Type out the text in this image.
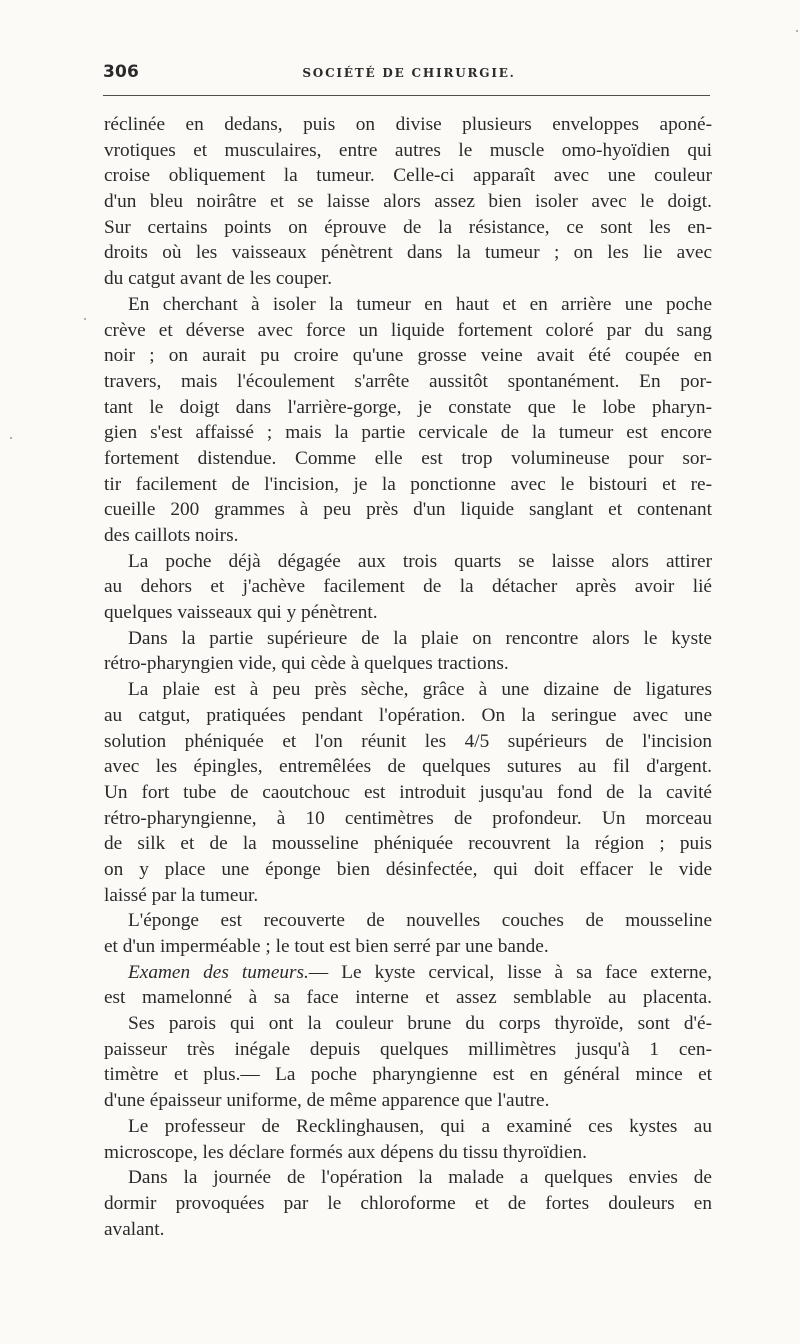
306	SOCIÉTÉ DE CHIRURGIE.
réclinée en dedans, puis on divise plusieurs enveloppes aponé-
vrotiques et musculaires, entre autres le muscle omo-hyoïdien qui
croise obliquement la tumeur. Celle-ci apparaît avec une couleur
d'un bleu noirâtre et se laisse alors assez bien isoler avec le doigt.
Sur certains points on éprouve de la résistance, ce sont les en-
droits où les vaisseaux pénètrent dans la tumeur ; on les lie avec
du catgut avant de les couper.
En cherchant à isoler la tumeur en haut et en arrière une poche
crève et déverse avec force un liquide fortement coloré par du sang
noir ; on aurait pu croire qu'une grosse veine avait été coupée en
travers, mais l'écoulement s'arrête aussitôt spontanément. En por-
tant le doigt dans l'arrière-gorge, je constate que le lobe pharyn-
gien s'est affaissé ; mais la partie cervicale de la tumeur est encore
fortement distendue. Comme elle est trop volumineuse pour sor-
tir facilement de l'incision, je la ponctionne avec le bistouri et re-
cueille 200 grammes à peu près d'un liquide sanglant et contenant
des caillots noirs.
La poche déjà dégagée aux trois quarts se laisse alors attirer
au dehors et j'achève facilement de la détacher après avoir lié
quelques vaisseaux qui y pénètrent.
Dans la partie supérieure de la plaie on rencontre alors le kyste
rétro-pharyngien vide, qui cède à quelques tractions.
La plaie est à peu près sèche, grâce à une dizaine de ligatures
au catgut, pratiquées pendant l'opération. On la seringue avec une
solution phéniquée et l'on réunit les 4/5 supérieurs de l'incision
avec les épingles, entremêlées de quelques sutures au fil d'argent.
Un fort tube de caoutchouc est introduit jusqu'au fond de la cavité
rétro-pharyngienne, à 10 centimètres de profondeur. Un morceau
de silk et de la mousseline phéniquée recouvrent la région ; puis
on y place une éponge bien désinfectée, qui doit effacer le vide
laissé par la tumeur.
L'éponge est recouverte de nouvelles couches de mousseline
et d'un imperméable ; le tout est bien serré par une bande.
Examen des tumeurs.— Le kyste cervical, lisse à sa face externe,
est mamelonné à sa face interne et assez semblable au placenta.
Ses parois qui ont la couleur brune du corps thyroïde, sont d'é-
paisseur très inégale depuis quelques millimètres jusqu'à 1 cen-
timètre et plus.— La poche pharyngienne est en général mince et
d'une épaisseur uniforme, de même apparence que l'autre.
Le professeur de Recklinghausen, qui a examiné ces kystes au
microscope, les déclare formés aux dépens du tissu thyroïdien.
Dans la journée de l'opération la malade a quelques envies de
dormir provoquées par le chloroforme et de fortes douleurs en
avalant.
